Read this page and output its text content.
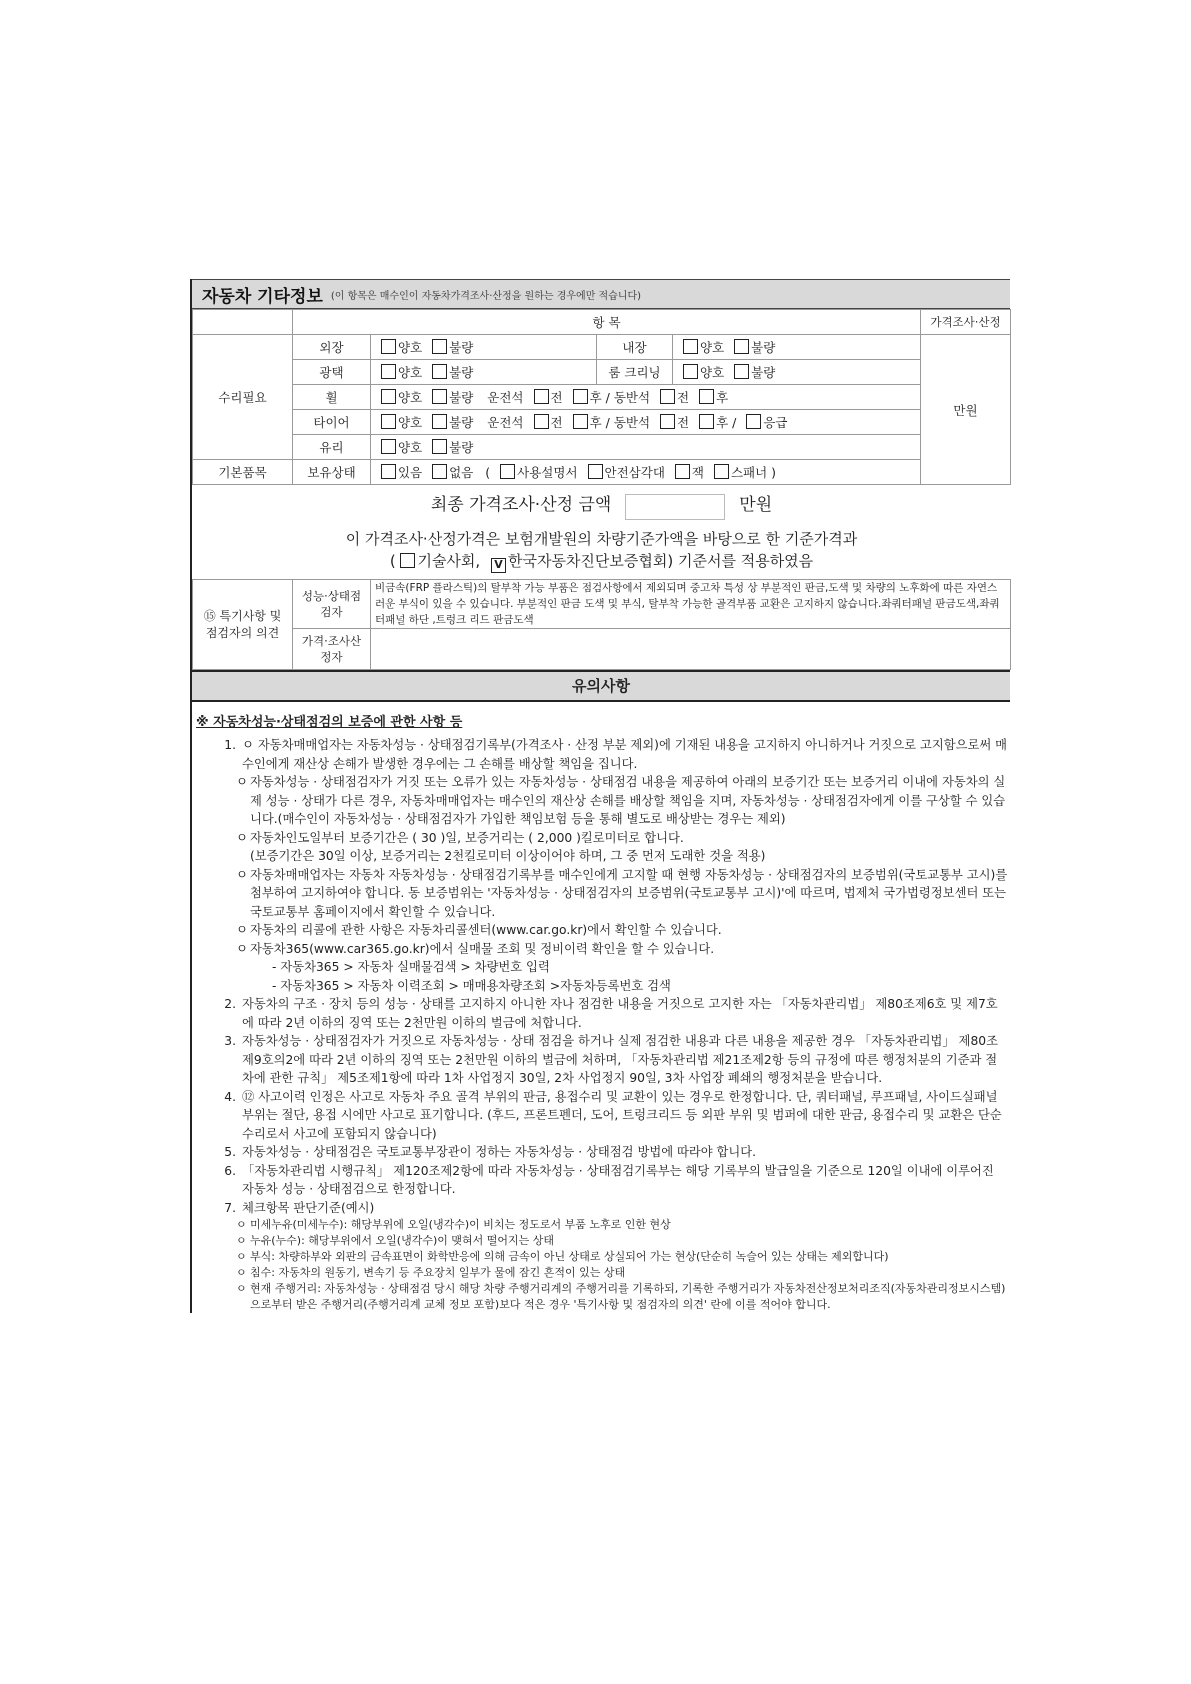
자동차 기타정보 (이 항목은 매수인이 자동차가격조사·산정을 원하는 경우에만 적습니다)
	항 목				가격조사·산정
수리필요	외장	양호 불량	내장	양호 불량	만원
	광택	양호 불량	룸 크리닝	양호 불량	
	휠	양호 불량 운전석 전 후 / 동반석 전 후			
	타이어	양호 불량 운전석 전 후 / 동반석 전 후 / 응급			
	유리	양호 불량			
기본품목	보유상태	있음 없음 ( 사용설명서 안전삼각대 잭 스패너 )			
최종 가격조사·산정 금액 만원					

이 가격조사·산정가격은 보험개발원의 차량기준가액을 바탕으로 한 기준가격과
( 기술사회, V 한국자동차진단보증협회) 기준서를 적용하였음					

⑮ 특기사항 및 점검자의 의견	성능·상태점검자	비금속(FRP 플라스틱)의 탈부착 가능 부품은 점검사항에서 제외되며 중고차 특성 상 부분적인 판금,도색 및 차량의 노후화에 따른 자연스러운 부식이 있을 수 있습니다. 부분적인 판금 도색 및 부식, 탈부착 가능한 골격부품 교환은 고지하지 않습니다.좌쿼터패널 판금도색,좌쿼터패널 하단 ,트렁크 리드 판금도색			
	가격·조사산정자				
유의사항
※ 자동차성능·상태점검의 보증에 관한 사항 등
1. ㅇ 자동차매매업자는 자동차성능 · 상태점검기록부(가격조사 · 산정 부분 제외)에 기재된 내용을 고지하지 아니하거나 거짓으로 고지함으로써 매수인에게 재산상 손해가 발생한 경우에는 그 손해를 배상할 책임을 집니다.
ㅇ 자동차성능 · 상태점검자가 거짓 또는 오류가 있는 자동차성능 · 상태점검 내용을 제공하여 아래의 보증기간 또는 보증거리 이내에 자동차의 실제 성능 · 상태가 다른 경우, 자동차매매업자는 매수인의 재산상 손해를 배상할 책임을 지며, 자동차성능 · 상태점검자에게 이를 구상할 수 있습니다.(매수인이 자동차성능 · 상태점검자가 가입한 책임보험 등을 통해 별도로 배상받는 경우는 제외)
ㅇ 자동차인도일부터 보증기간은 ( 30 )일, 보증거리는 ( 2,000 )킬로미터로 합니다.
(보증기간은 30일 이상, 보증거리는 2천킬로미터 이상이어야 하며, 그 중 먼저 도래한 것을 적용)
ㅇ 자동차매매업자는 자동차 자동차성능 · 상태점검기록부를 매수인에게 고지할 때 현행 자동차성능 · 상태점검자의 보증범위(국토교통부 고시)를 첨부하여 고지하여야 합니다. 동 보증범위는 '자동차성능 · 상태점검자의 보증범위(국토교통부 고시)'에 따르며, 법제처 국가법령정보센터 또는 국토교통부 홈페이지에서 확인할 수 있습니다.
ㅇ 자동차의 리콜에 관한 사항은 자동차리콜센터(www.car.go.kr)에서 확인할 수 있습니다.
ㅇ 자동차365(www.car365.go.kr)에서 실매물 조회 및 정비이력 확인을 할 수 있습니다.
- 자동차365 > 자동차 실매물검색 > 차량번호 입력
- 자동차365 > 자동차 이력조회 > 매매용차량조회 >자동차등록번호 검색
2. 자동차의 구조 · 장치 등의 성능 · 상태를 고지하지 아니한 자나 점검한 내용을 거짓으로 고지한 자는 「자동차관리법」 제80조제6호 및 제7호에 따라 2년 이하의 징역 또는 2천만원 이하의 벌금에 처합니다.
3. 자동차성능 · 상태점검자가 거짓으로 자동차성능 · 상태 점검을 하거나 실제 점검한 내용과 다른 내용을 제공한 경우 「자동차관리법」 제80조제9호의2에 따라 2년 이하의 징역 또는 2천만원 이하의 벌금에 처하며, 「자동차관리법 제21조제2항 등의 규정에 따른 행정처분의 기준과 절차에 관한 규칙」 제5조제1항에 따라 1차 사업정지 30일, 2차 사업정지 90일, 3차 사업장 폐쇄의 행정처분을 받습니다.
4. ⑫ 사고이력 인정은 사고로 자동차 주요 골격 부위의 판금, 용접수리 및 교환이 있는 경우로 한정합니다. 단, 쿼터패널, 루프패널, 사이드실패널 부위는 절단, 용접 시에만 사고로 표기합니다. (후드, 프론트펜더, 도어, 트렁크리드 등 외판 부위 및 범퍼에 대한 판금, 용접수리 및 교환은 단순수리로서 사고에 포함되지 않습니다)
5. 자동차성능 · 상태점검은 국토교통부장관이 정하는 자동차성능 · 상태점검 방법에 따라야 합니다.
6. 「자동차관리법 시행규칙」 제120조제2항에 따라 자동차성능 · 상태점검기록부는 해당 기록부의 발급일을 기준으로 120일 이내에 이루어진 자동차 성능 · 상태점검으로 한정합니다.
7. 체크항목 판단기준(예시)
ㅇ 미세누유(미세누수): 해당부위에 오일(냉각수)이 비치는 정도로서 부품 노후로 인한 현상
ㅇ 누유(누수): 해당부위에서 오일(냉각수)이 맺혀서 떨어지는 상태
ㅇ 부식: 차량하부와 외판의 금속표면이 화학반응에 의해 금속이 아닌 상태로 상실되어 가는 현상(단순히 녹슬어 있는 상태는 제외합니다)
ㅇ 침수: 자동차의 원동기, 변속기 등 주요장치 일부가 물에 잠긴 흔적이 있는 상태
ㅇ 현재 주행거리: 자동차성능 · 상태점검 당시 해당 차량 주행거리계의 주행거리를 기록하되, 기록한 주행거리가 자동차전산정보처리조직(자동차관리정보시스템)으로부터 받은 주행거리(주행거리계 교체 정보 포함)보다 적은 경우 '특기사항 및 점검자의 의견' 란에 이를 적어야 합니다.
